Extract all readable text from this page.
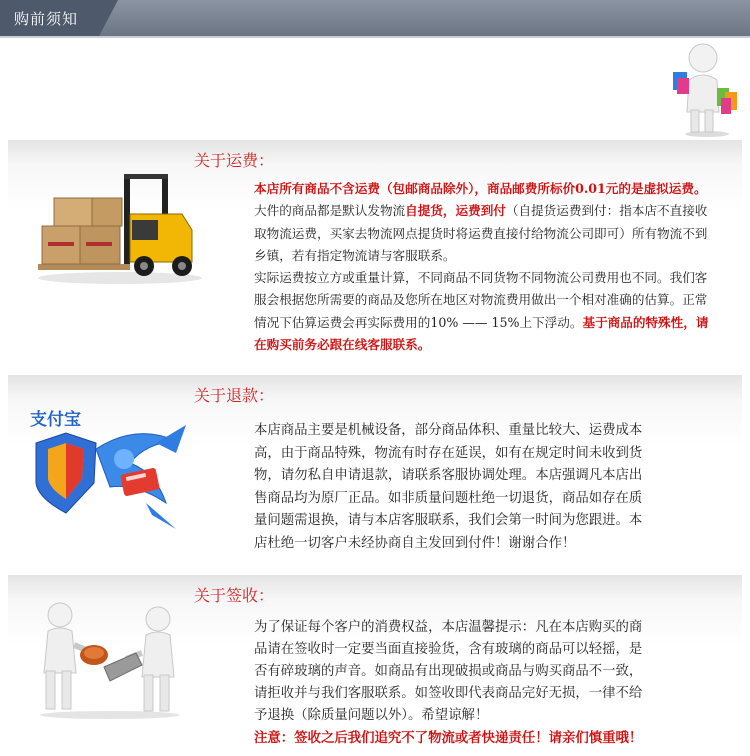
购前须知
关于运费：
本店所有商品不含运费（包邮商品除外），商品邮费所标价0.01元的是虚拟运费。
大件的商品都是默认发物流自提货，运费到付（自提货运费到付：指本店不直接收
取物流运费，买家去物流网点提货时将运费直接付给物流公司即可）所有物流不到
乡镇，若有指定物流请与客服联系。
实际运费按立方或重量计算，不同商品不同货物不同物流公司费用也不同。我们客
服会根据您所需要的商品及您所在地区对物流费用做出一个相对准确的估算。正常
情况下估算运费会再实际费用的10% —— 15%上下浮动。基于商品的特殊性，请
在购买前务必跟在线客服联系。
支付宝
关于退款：
本店商品主要是机械设备，部分商品体积、重量比较大、运费成本
高，由于商品特殊，物流有时存在延误，如有在规定时间未收到货
物，请勿私自申请退款，请联系客服协调处理。本店强调凡本店出
售商品均为原厂正品。如非质量问题杜绝一切退货，商品如存在质
量问题需退换，请与本店客服联系，我们会第一时间为您跟进。本
店杜绝一切客户未经协商自主发回到付件！谢谢合作！
关于签收：
为了保证每个客户的消费权益，本店温馨提示：凡在本店购买的商
品请在签收时一定要当面直接验货，含有玻璃的商品可以轻摇，是
否有碎玻璃的声音。如商品有出现破损或商品与购买商品不一致，
请拒收并与我们客服联系。如签收即代表商品完好无损，一律不给
予退换（除质量问题以外）。希望谅解！
注意：签收之后我们追究不了物流或者快递责任！请亲们慎重哦！
